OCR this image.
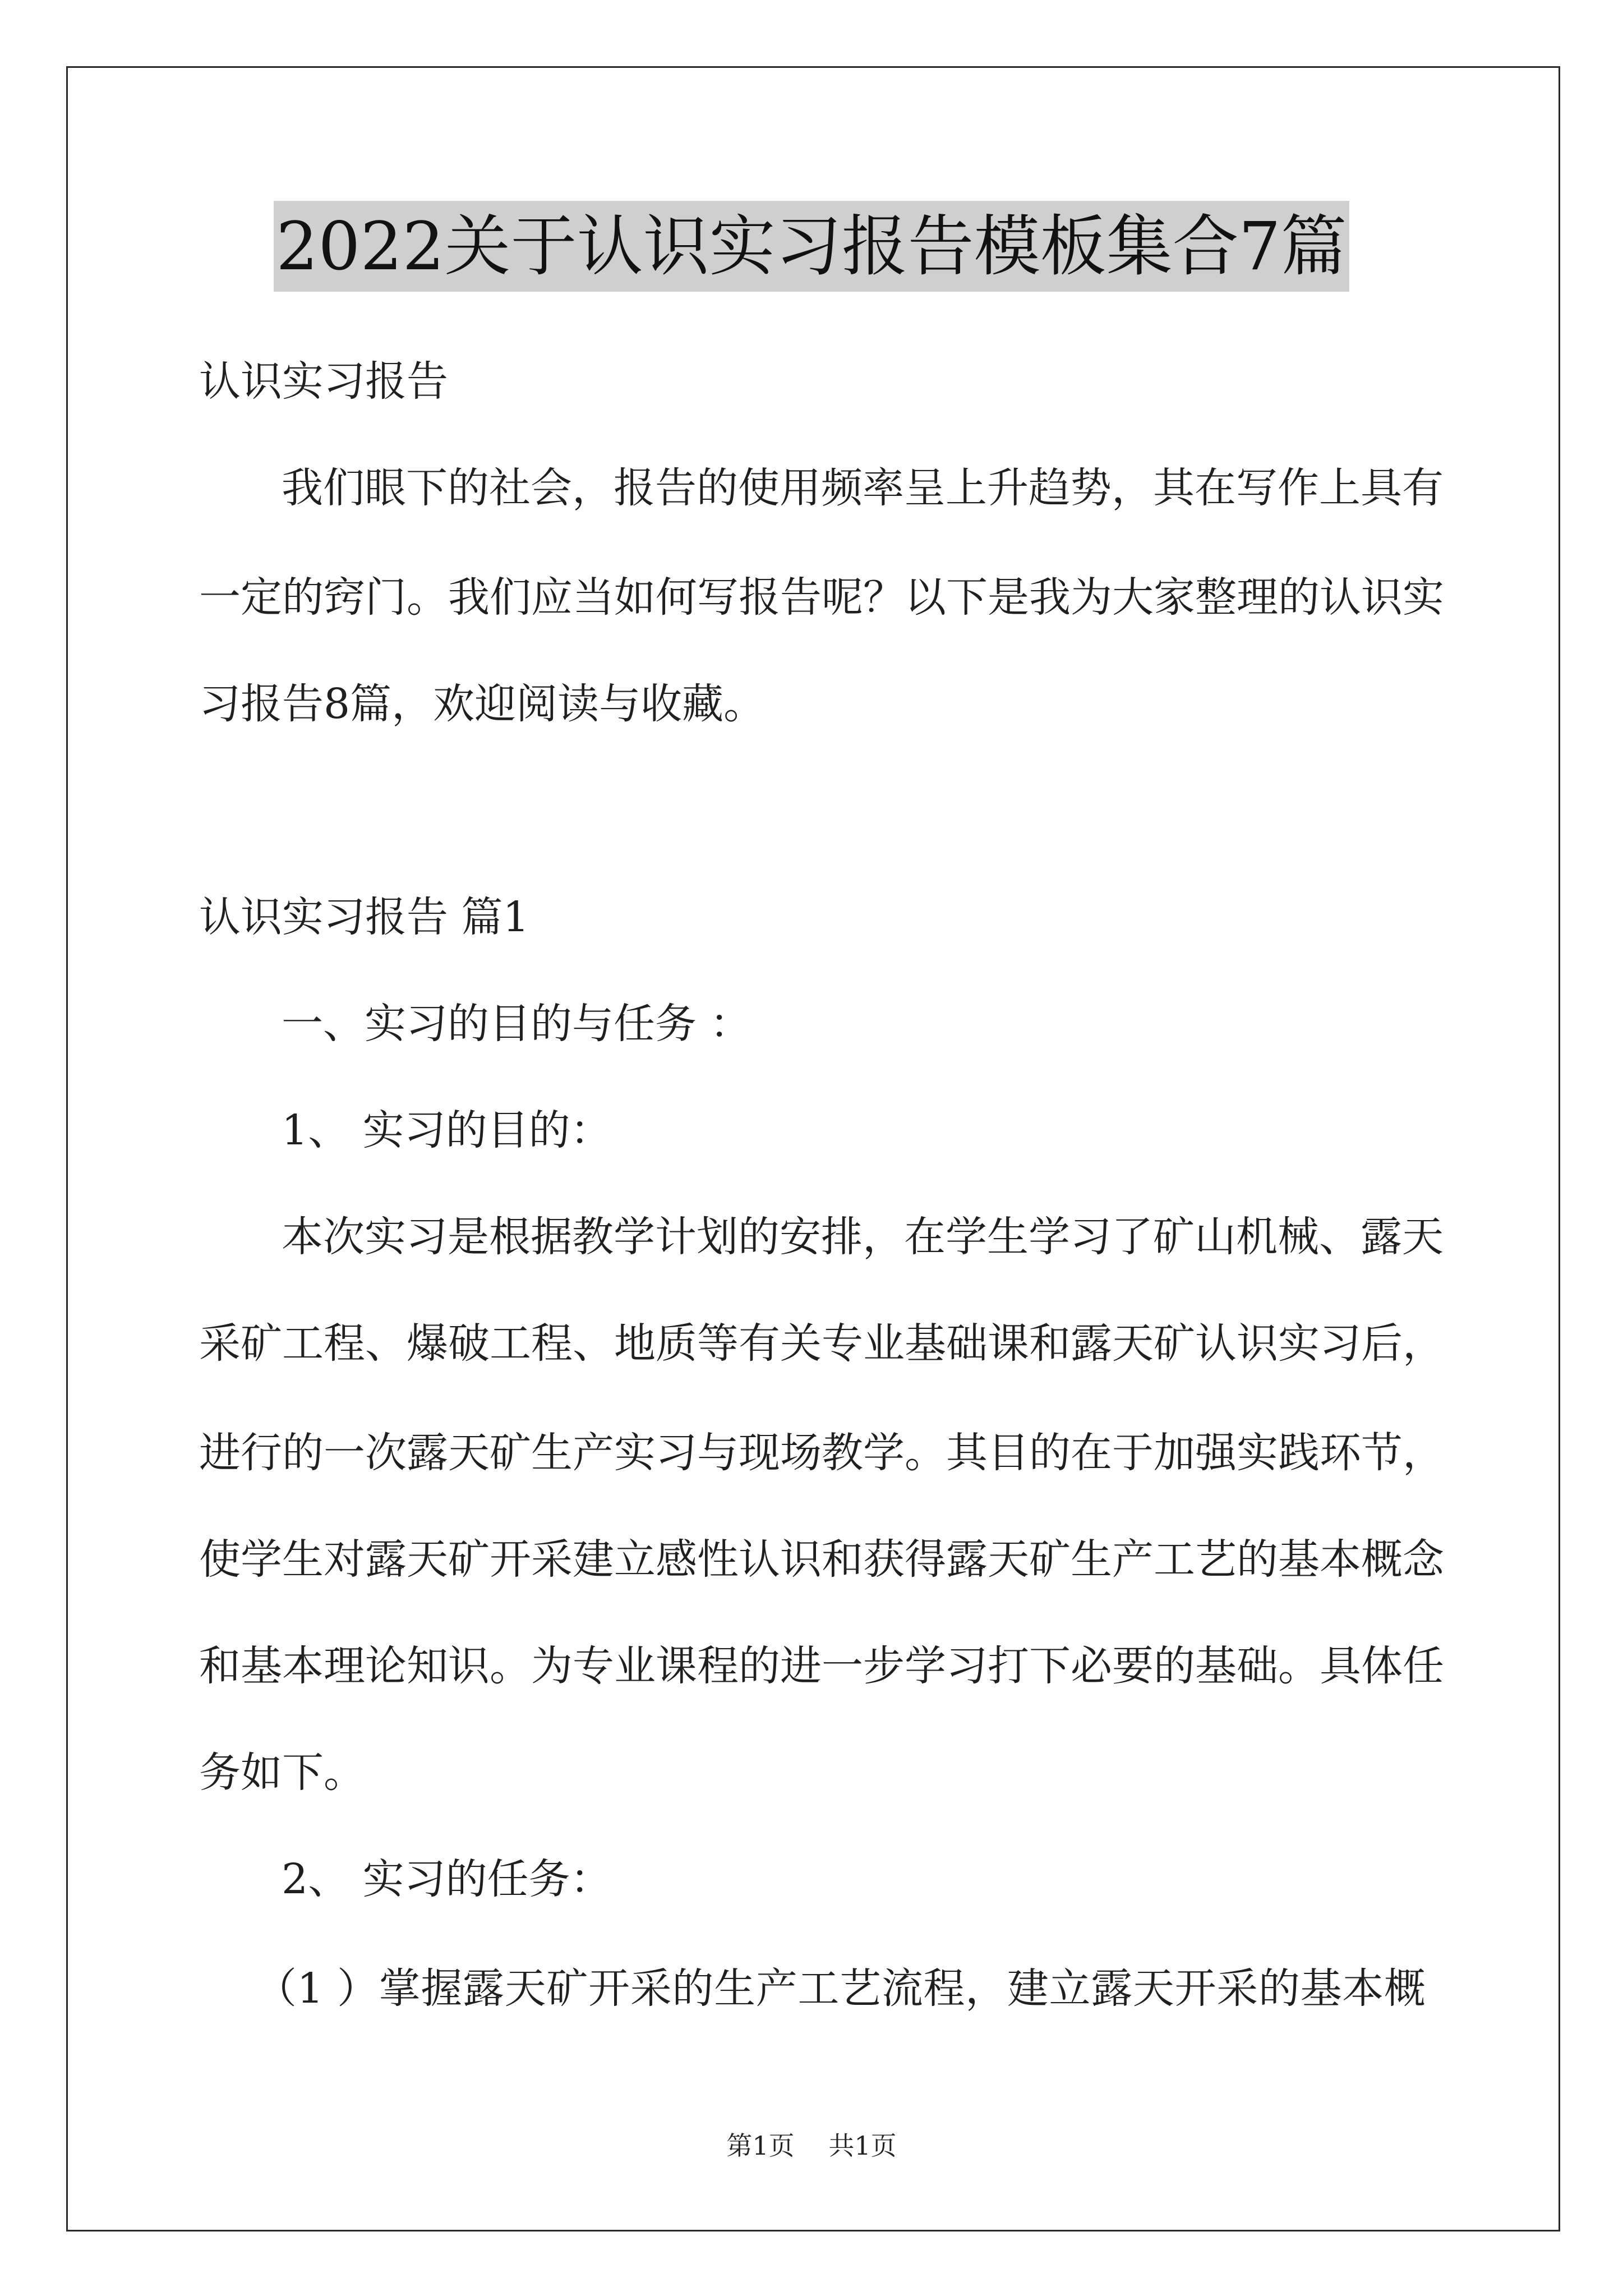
2022关于认识实习报告模板集合7篇
认识实习报告
我们眼下的社会，报告的使用频率呈上升趋势，其在写作上具有
一定的窍门。我们应当如何写报告呢？以下是我为大家整理的认识实
习报告8篇，欢迎阅读与收藏。
认识实习报告 篇1
一、实习的目的与任务 ：
1、 实习的目的：
本次实习是根据教学计划的安排，在学生学习了矿山机械、露天
采矿工程、爆破工程、地质等有关专业基础课和露天矿认识实习后，
进行的一次露天矿生产实习与现场教学。其目的在于加强实践环节，
使学生对露天矿开采建立感性认识和获得露天矿生产工艺的基本概念
和基本理论知识。为专业课程的进一步学习打下必要的基础。具体任
务如下。
2、 实习的任务：
（1 ）掌握露天矿开采的生产工艺流程，建立露天开采的基本概
第1页 共1页
